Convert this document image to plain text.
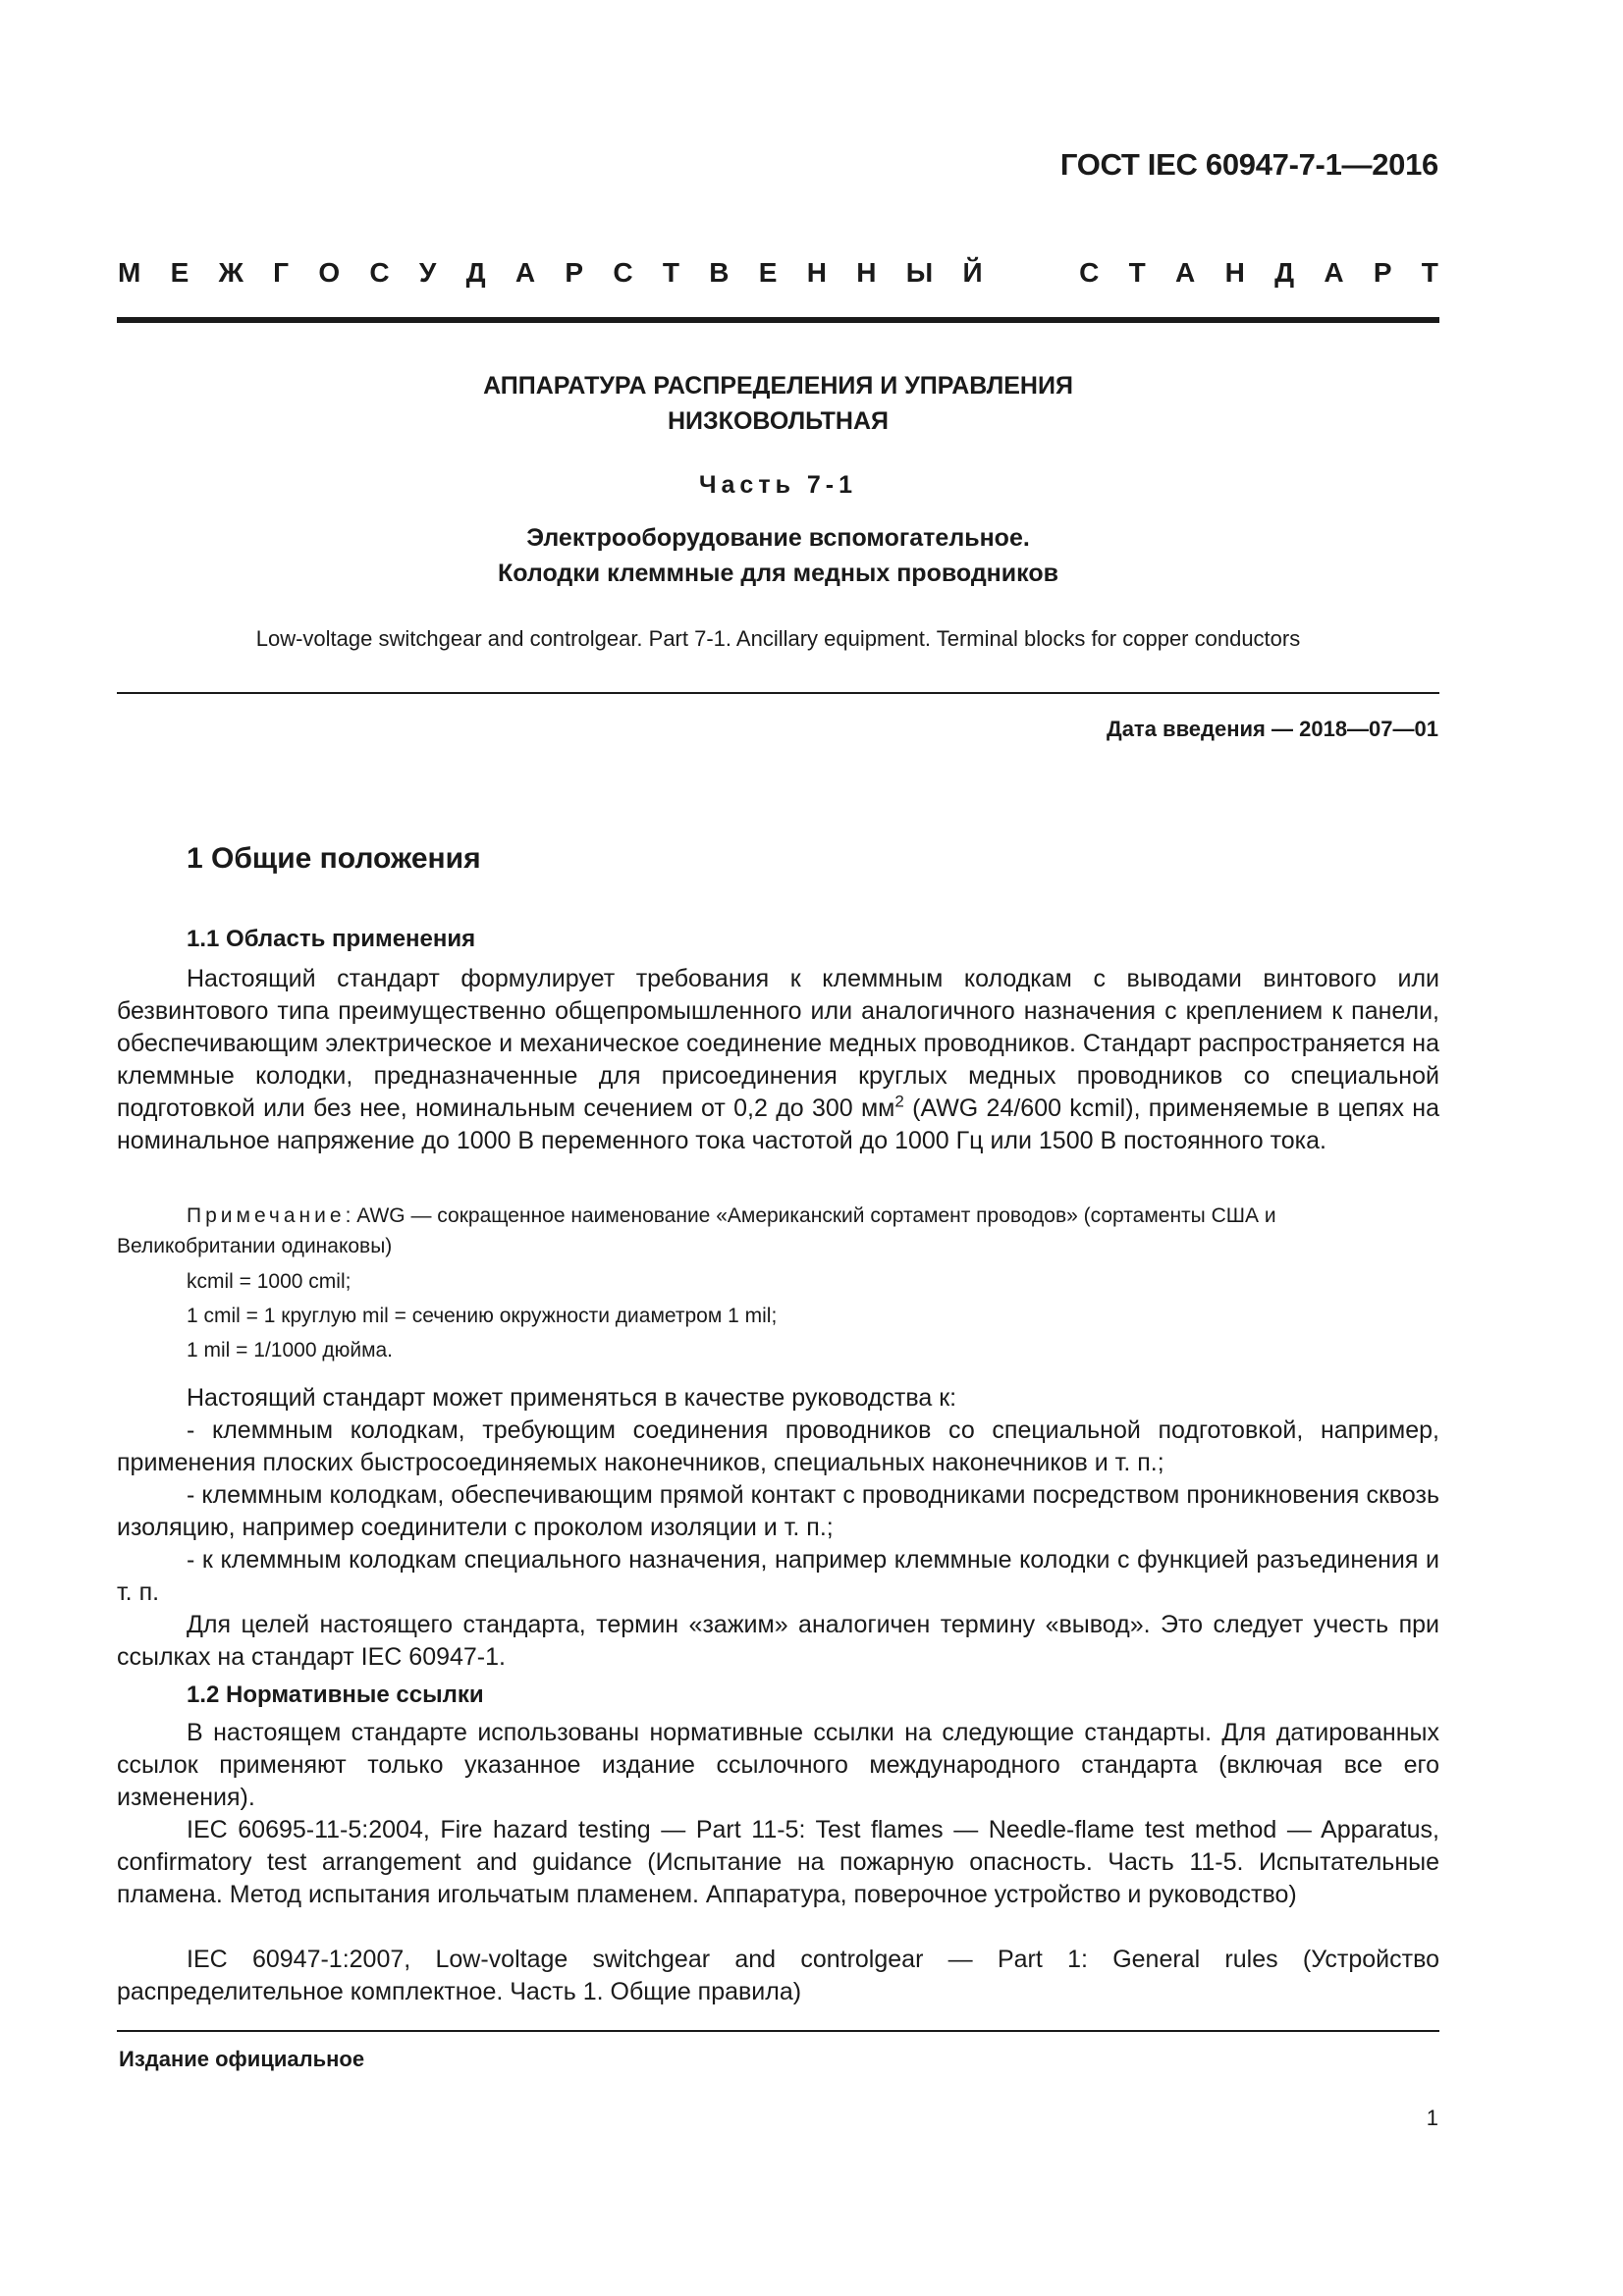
ГОСТ IEC 60947-7-1—2016
М Е Ж Г О С У Д А Р С Т В Е Н Н Ы Й	С Т А Н Д А Р Т
АППАРАТУРА РАСПРЕДЕЛЕНИЯ И УПРАВЛЕНИЯ
НИЗКОВОЛЬТНАЯ
Часть 7-1
Электрооборудование вспомогательное.
Колодки клеммные для медных проводников
Low-voltage switchgear and controlgear. Part 7-1. Ancillary equipment. Terminal blocks for copper conductors
Дата введения — 2018—07—01
1 Общие положения
1.1 Область применения

Настоящий стандарт формулирует требования к клеммным колодкам с выводами винтового или безвинтового типа преимущественно общепромышленного или аналогичного назначения с креплением к панели, обеспечивающим электрическое и механическое соединение медных проводников. Стандарт распространяется на клеммные колодки, предназначенные для присоединения круглых медных проводников со специальной подготовкой или без нее, номинальным сечением от 0,2 до 300 $мм^2$ (AWG 24/600 kcmil), применяемые в цепях на номинальное напряжение до 1000 В переменного тока частотой до 1000 Гц или 1500 В постоянного тока.

Примечание: AWG — сокращенное наименование «Американский сортамент проводов» (сортаменты США и Великобритании одинаковы)

kcmil = 1000 cmil;

1 cmil = 1 круглую mil = сечению окружности диаметром 1 mil;

1 mil = 1/1000 дюйма.

Настоящий стандарт может применяться в качестве руководства к:

- клеммным колодкам, требующим соединения проводников со специальной подготовкой, например, применения плоских быстросоединяемых наконечников, специальных наконечников и т. п.;

- клеммным колодкам, обеспечивающим прямой контакт с проводниками посредством проникновения сквозь изоляцию, например соединители с проколом изоляции и т. п.;

- к клеммным колодкам специального назначения, например клеммные колодки с функцией разъединения и т. п.

Для целей настоящего стандарта, термин «зажим» аналогичен термину «вывод». Это следует учесть при ссылках на стандарт IEC 60947-1.

1.2 Нормативные ссылки

В настоящем стандарте использованы нормативные ссылки на следующие стандарты. Для датированных ссылок применяют только указанное издание ссылочного международного стандарта (включая все его изменения).

IEC 60695-11-5:2004, Fire hazard testing — Part 11-5: Test flames — Needle-flame test method — Apparatus, confirmatory test arrangement and guidance (Испытание на пожарную опасность. Часть 11-5. Испытательные пламена. Метод испытания игольчатым пламенем. Аппаратура, поверочное устройство и руководство)

IEC 60947-1:2007, Low-voltage switchgear and controlgear — Part 1: General rules (Устройство распределительное комплектное. Часть 1. Общие правила)

Издание официальное
1
